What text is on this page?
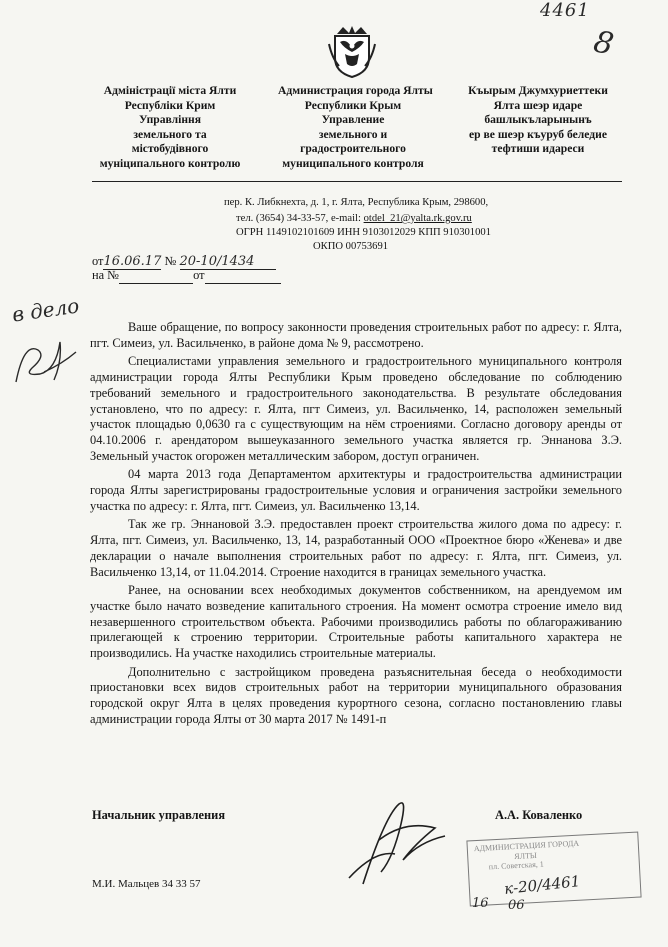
4461
8
Адміністрації міста Ялти
Республіки Крим
Управління
земельного та
містобудівного
муніципального контролю
Администрация города Ялты
Республики Крым
Управление
земельного и
градостроительного
муниципального контроля
Къырым Джумхуриеттеки
Ялта шеэр идаре
башлыкъларынынъ
ер ве шеэр къуруб беледие
тефтиши идареси
пер. К. Либкнехта, д. 1, г. Ялта, Республика Крым, 298600,
тел. (3654) 34-33-57, e-mail: otdel_21@yalta.rk.gov.ru
ОГРН 1149102101609 ИНН 9103012029 КПП 910301001
ОКПО 00753691
от16.06.17 № 20-10/1434
на №	от
в дело

Ваше обращение, по вопросу законности проведения строительных работ по адресу: г. Ялта, пгт. Симеиз, ул. Васильченко, в районе дома № 9, рассмотрено.

Специалистами управления земельного и градостроительного муниципального контроля администрации города Ялты Республики Крым проведено обследование по соблюдению требований земельного и градостроительного законодательства. В результате обследования установлено, что по адресу: г. Ялта, пгт Симеиз, ул. Васильченко, 14, расположен земельный участок площадью 0,0630 га с существующим на нём строениями. Согласно договору аренды от 04.10.2006 г. арендатором вышеуказанного земельного участка является гр. Эннанова З.Э. Земельный участок огорожен металлическим забором, доступ ограничен.

04 марта 2013 года Департаментом архитектуры и градостроительства администрации города Ялты зарегистрированы градостроительные условия и ограничения застройки земельного участка по адресу: г. Ялта, пгт. Симеиз, ул. Васильченко 13,14.

Так же гр. Эннановой З.Э. предоставлен проект строительства жилого дома по адресу: г. Ялта, пгт. Симеиз, ул. Васильченко, 13, 14, разработанный ООО «Проектное бюро «Женева» и две декларации о начале выполнения строительных работ по адресу: г. Ялта, пгт. Симеиз, ул. Васильченко 13,14, от 11.04.2014. Строение находится в границах земельного участка.

Ранее, на основании всех необходимых документов собственником, на арендуемом им участке было начато возведение капитального строения. На момент осмотра строение имело вид незавершенного строительством объекта. Рабочими производились работы по облагораживанию прилегающей к строению территории. Строительные работы капитального характера не производились. На участке находились строительные материалы.

Дополнительно с застройщиком проведена разъяснительная беседа о необходимости приостановки всех видов строительных работ на территории муниципального образования городской округ Ялта в целях проведения курортного сезона, согласно постановлению главы администрации города Ялты от 30 марта 2017 № 1491-п

Начальник управления	А.А. Коваленко
АДМИНИСТРАЦИЯ ГОРОДА
ЯЛТЫ
пл. Советская, 1
к-20/4461
16 06
М.И. Мальцев 34 33 57
